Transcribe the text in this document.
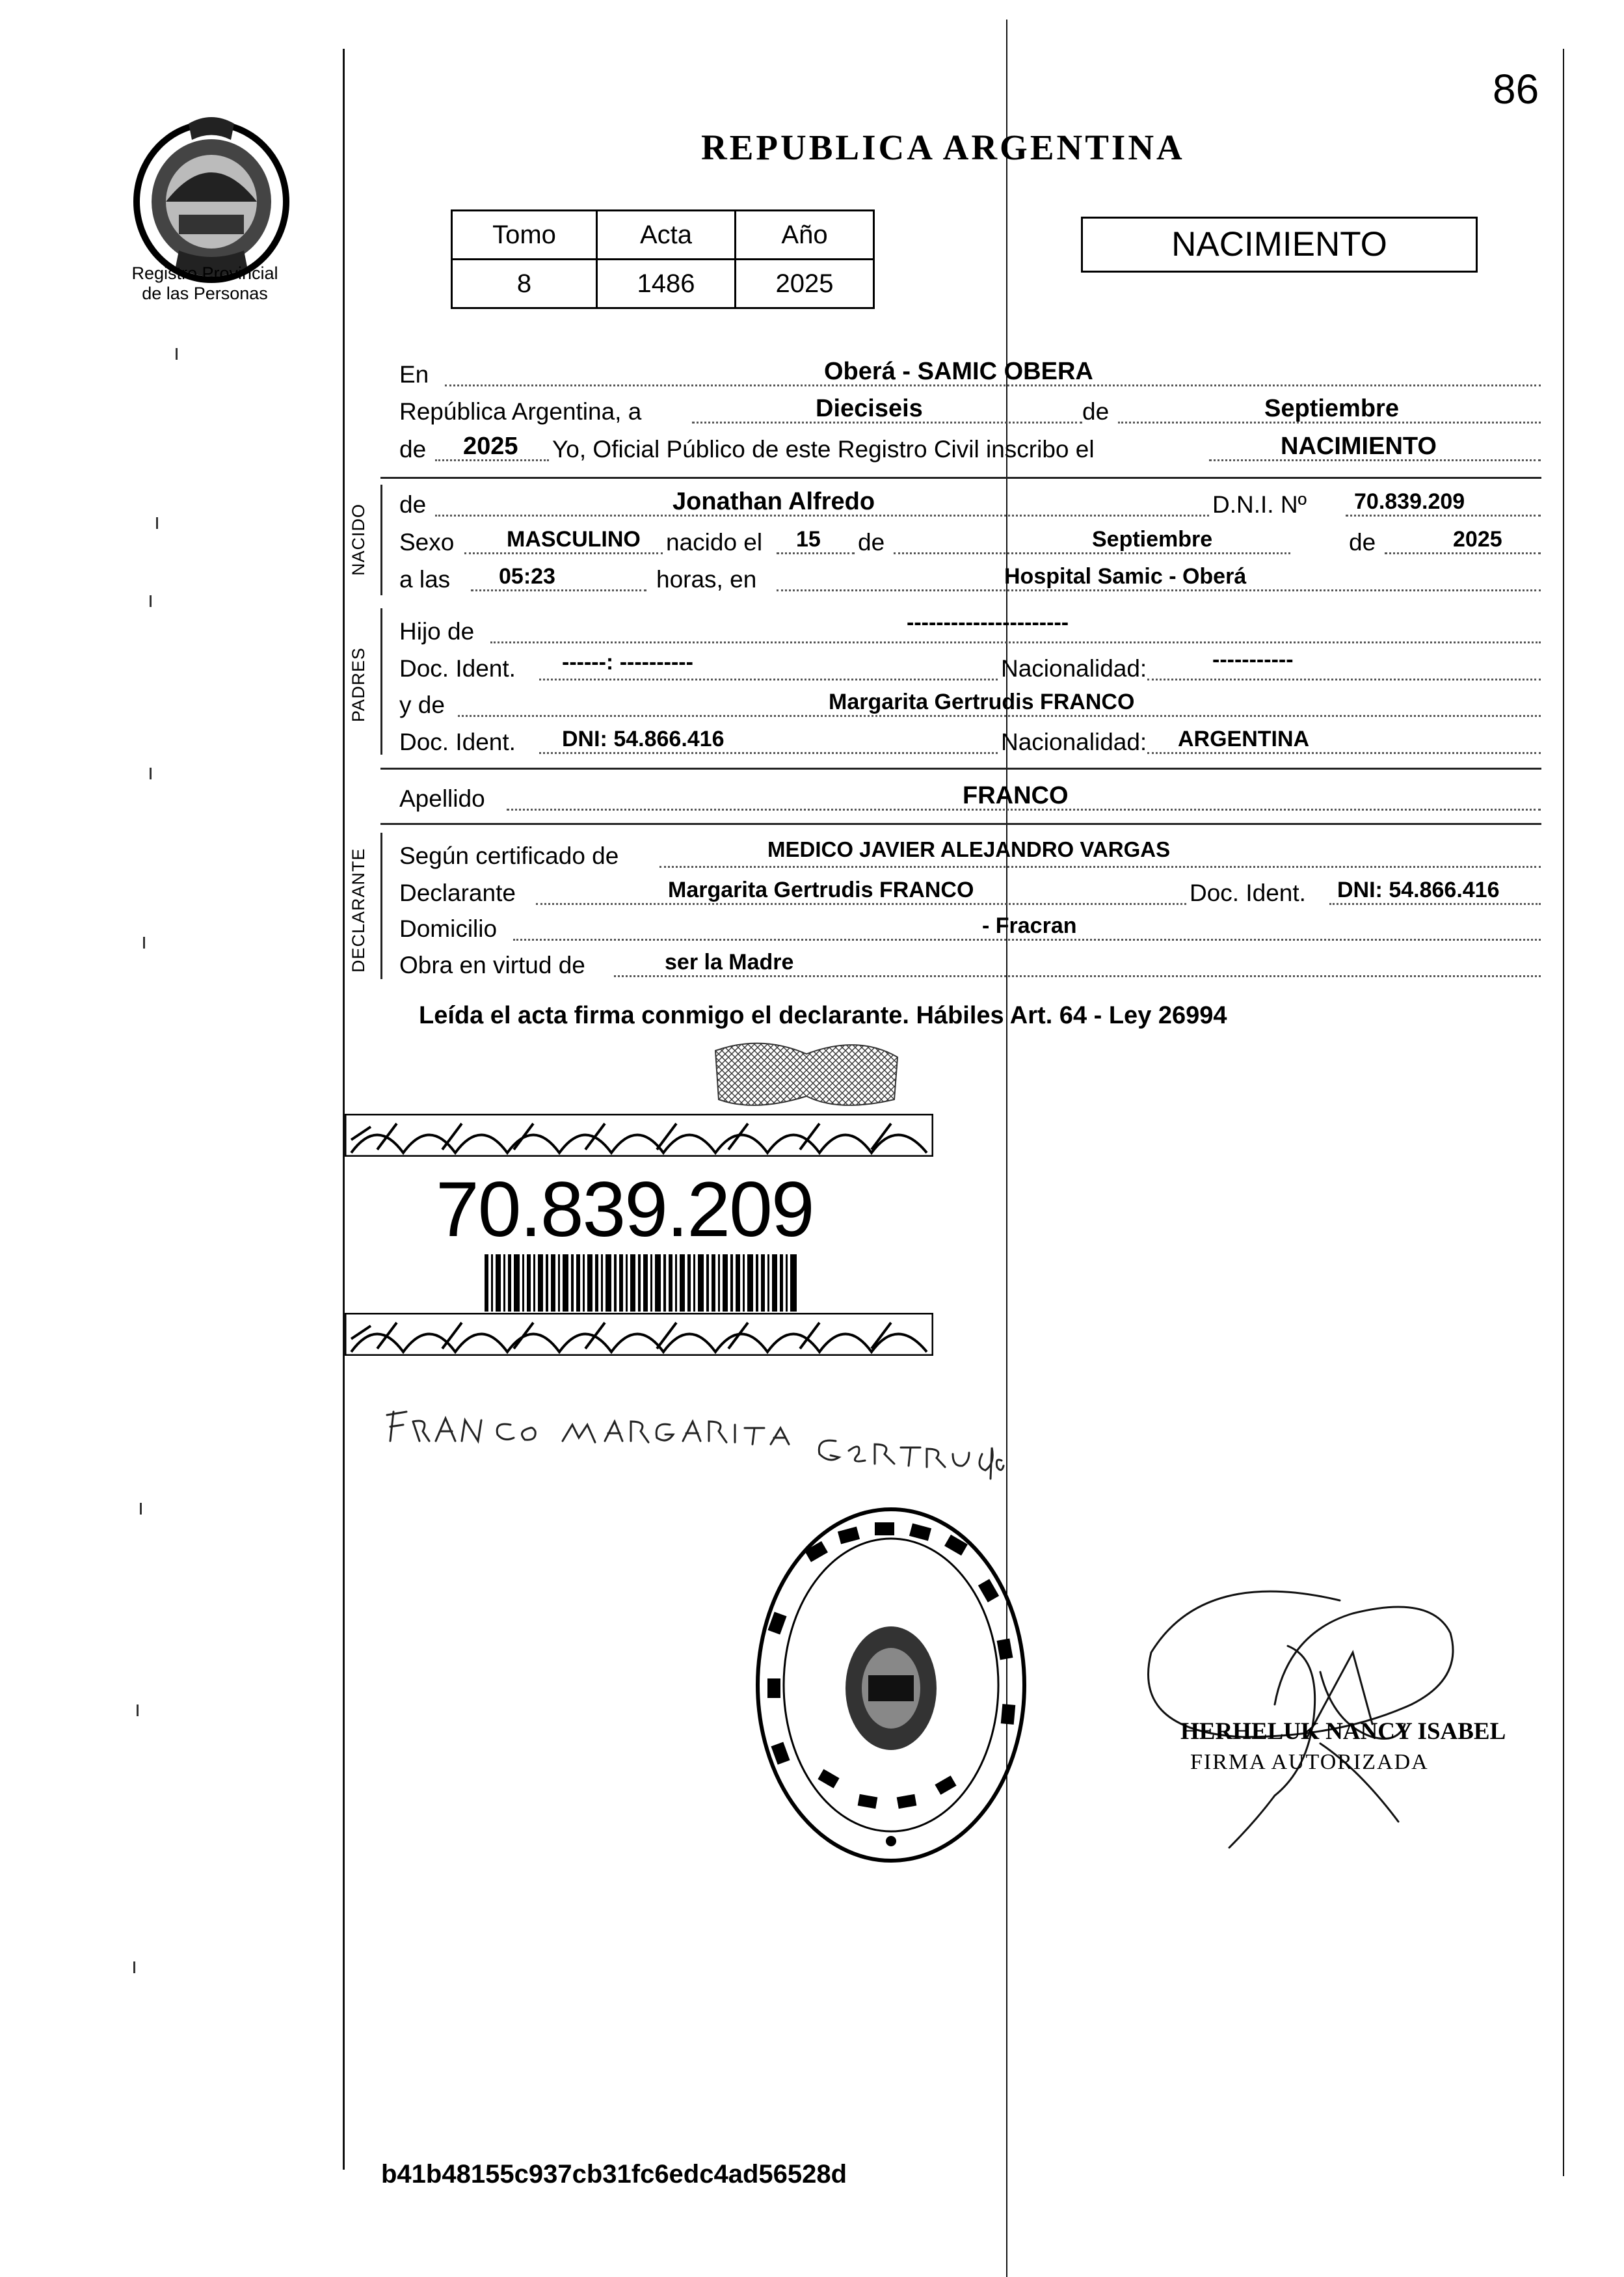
86
Registro Provincial
de las Personas
REPUBLICA ARGENTINA
Tomo	Acta	Año
8	1486	2025
NACIMIENTO
En	Oberá - SAMIC OBERA
República Argentina, a	Dieciseis	de	Septiembre
de 2025 Yo, Oficial Público de este Registro Civil inscribo el	NACIMIENTO
NACIDO de	Jonathan Alfredo	D.N.I. Nº 70.839.209
Sexo MASCULINO nacido el 15 de	Septiembre	de	2025
a las 05:23	horas, en	Hospital Samic - Oberá
PADRES
Hijo de	----------------------
Doc. Ident. ------: ----------	Nacionalidad:	-----------
y de	Margarita Gertrudis FRANCO
Doc. Ident. DNI: 54.866.416	Nacionalidad: ARGENTINA
Apellido	FRANCO
DECLARANTE Según certificado de	MEDICO JAVIER ALEJANDRO VARGAS
Declarante	Margarita Gertrudis FRANCO	Doc. Ident. DNI: 54.866.416
Domicilio	- Fracran
Obra en virtud de	ser la Madre
Leída el acta firma conmigo el declarante. Hábiles Art. 64 - Ley 26994
70.839.209
HERHELUK NANCY ISABEL
FIRMA AUTORIZADA
b41b48155c937cb31fc6edc4ad56528d
